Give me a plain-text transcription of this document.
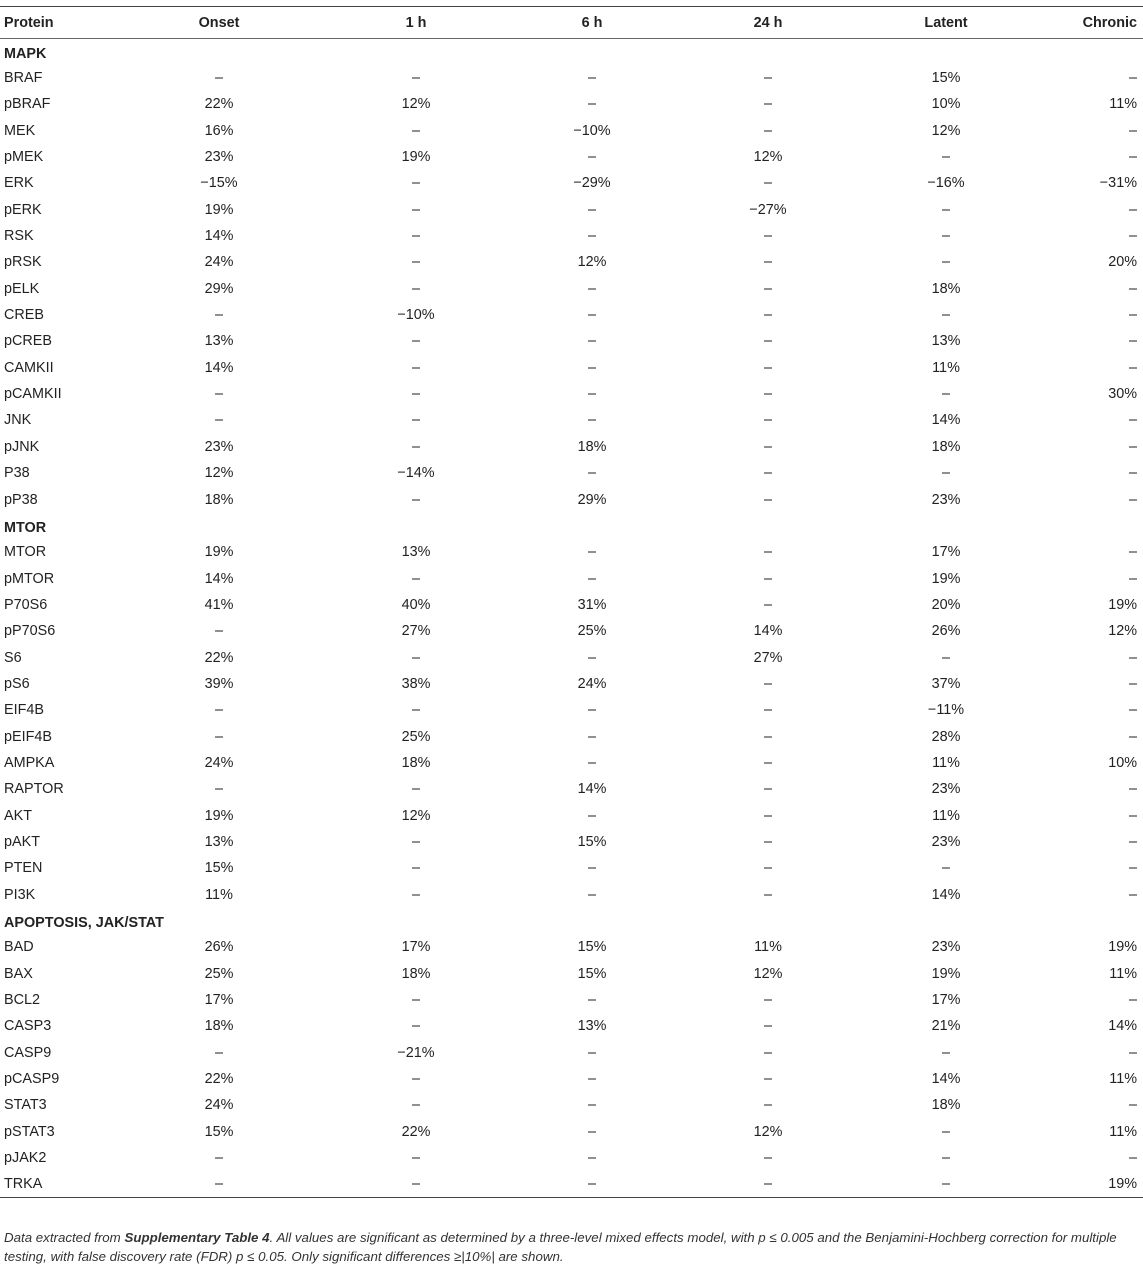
Protein	Onset	1 h	6 h	24 h	Latent	Chronic
MAPK						
BRAF	–	–	–	–	15%	–
pBRAF	22%	12%	–	–	10%	11%
MEK	16%	–	−10%	–	12%	–
pMEK	23%	19%	–	12%	–	–
ERK	−15%	–	−29%	–	−16%	−31%
pERK	19%	–	–	−27%	–	–
RSK	14%	–	–	–	–	–
pRSK	24%	–	12%	–	–	20%
pELK	29%	–	–	–	18%	–
CREB	–	−10%	–	–	–	–
pCREB	13%	–	–	–	13%	–
CAMKII	14%	–	–	–	11%	–
pCAMKII	–	–	–	–	–	30%
JNK	–	–	–	–	14%	–
pJNK	23%	–	18%	–	18%	–
P38	12%	−14%	–	–	–	–
pP38	18%	–	29%	–	23%	–
MTOR						
MTOR	19%	13%	–	–	17%	–
pMTOR	14%	–	–	–	19%	–
P70S6	41%	40%	31%	–	20%	19%
pP70S6	–	27%	25%	14%	26%	12%
S6	22%	–	–	27%	–	–
pS6	39%	38%	24%	–	37%	–
EIF4B	–	–	–	–	−11%	–
pEIF4B	–	25%	–	–	28%	–
AMPKA	24%	18%	–	–	11%	10%
RAPTOR	–	–	14%	–	23%	–
AKT	19%	12%	–	–	11%	–
pAKT	13%	–	15%	–	23%	–
PTEN	15%	–	–	–	–	–
PI3K	11%	–	–	–	14%	–
APOPTOSIS, JAK/STAT						
BAD	26%	17%	15%	11%	23%	19%
BAX	25%	18%	15%	12%	19%	11%
BCL2	17%	–	–	–	17%	–
CASP3	18%	–	13%	–	21%	14%
CASP9	–	−21%	–	–	–	–
pCASP9	22%	–	–	–	14%	11%
STAT3	24%	–	–	–	18%	–
pSTAT3	15%	22%	–	12%	–	11%
pJAK2	–	–	–	–	–	–
TRKA	–	–	–	–	–	19%
Data extracted from Supplementary Table 4. All values are significant as determined by a three-level mixed effects model, with p ≤ 0.005 and the Benjamini-Hochberg correction for multiple testing, with false discovery rate (FDR) p ≤ 0.05. Only significant differences ≥|10%| are shown.
